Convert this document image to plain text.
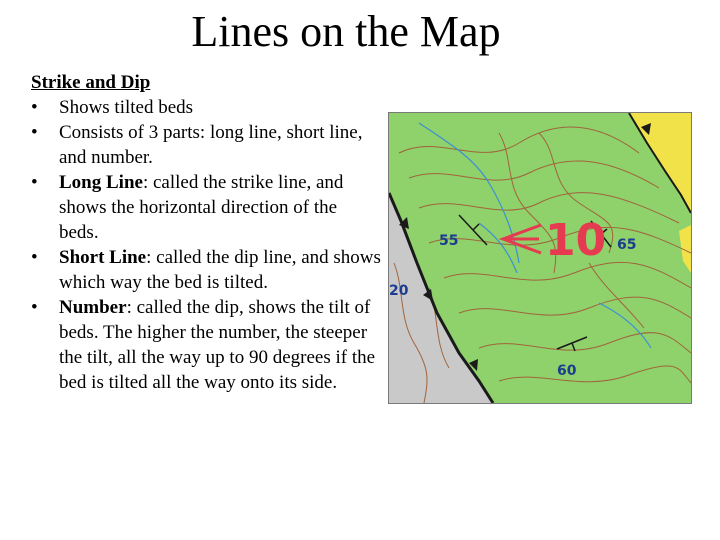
Lines on the Map
Strike and Dip
• Shows tilted beds
• Consists of 3 parts: long line, short line, and number.
• Long Line: called the strike line, and shows the horizontal direction of the beds.
• Short Line: called the dip line, and shows which way the bed is tilted.
• Number: called the dip, shows the tilt of beds. The higher the number, the steeper the tilt, all the way up to 90 degrees if the bed is tilted all the way onto its side.
55 10 65
20
60
